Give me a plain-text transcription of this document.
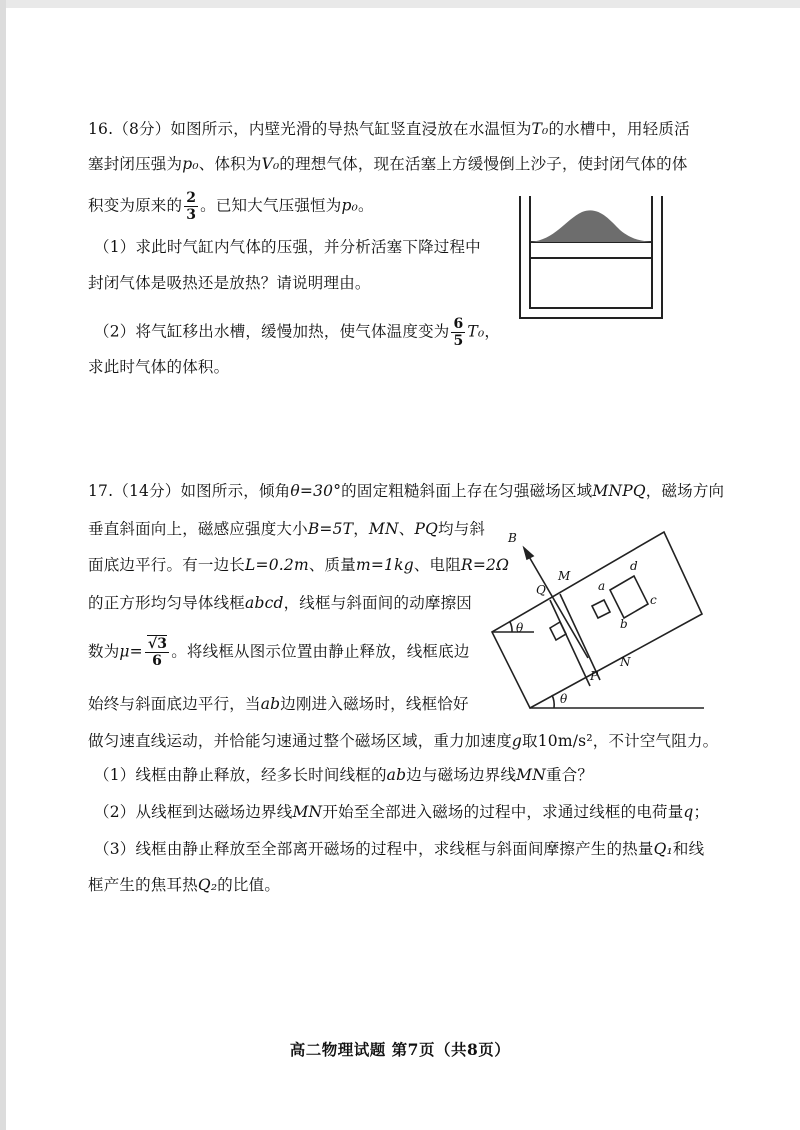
16.（8分）如图所示，内壁光滑的导热气缸竖直浸放在水温恒为T₀的水槽中，用轻质活
塞封闭压强为p₀、体积为V₀的理想气体，现在活塞上方缓慢倒上沙子，使封闭气体的体
积变为原来的 $\frac{2}{3}$ 。已知大气压强恒为p₀。
（1）求此时气缸内气体的压强，并分析活塞下降过程中
封闭气体是吸热还是放热？请说明理由。
（2）将气缸移出水槽，缓慢加热，使气体温度变为 $\frac{6}{5} T_0$，
求此时气体的体积。
17.（14分）如图所示，倾角θ=30°的固定粗糙斜面上存在匀强磁场区域MNPQ，磁场方向
垂直斜面向上，磁感应强度大小B=5T，MN、PQ均与斜
面底边平行。有一边长L=0.2m、质量m=1kg、电阻R=2Ω
的正方形均匀导体线框abcd，线框与斜面间的动摩擦因
数为$\mu= \frac{√3}{6}$ 。将线框从图示位置由静止释放，线框底边
始终与斜面底边平行，当ab边刚进入磁场时，线框恰好
做匀速直线运动，并恰能匀速通过整个磁场区域，重力加速度g取10m/s²，不计空气阻力。
（1）线框由静止释放，经多长时间线框的ab边与磁场边界线MN重合？
（2）从线框到达磁场边界线MN开始至全部进入磁场的过程中，求通过线框的电荷量q；
（3）线框由静止释放至全部离开磁场的过程中，求线框与斜面间摩擦产生的热量Q₁和线
框产生的焦耳热Q₂的比值。
B
Q
M
a
d
c
b
N
P
θ
θ
高二物理试题 第7页（共8页）
